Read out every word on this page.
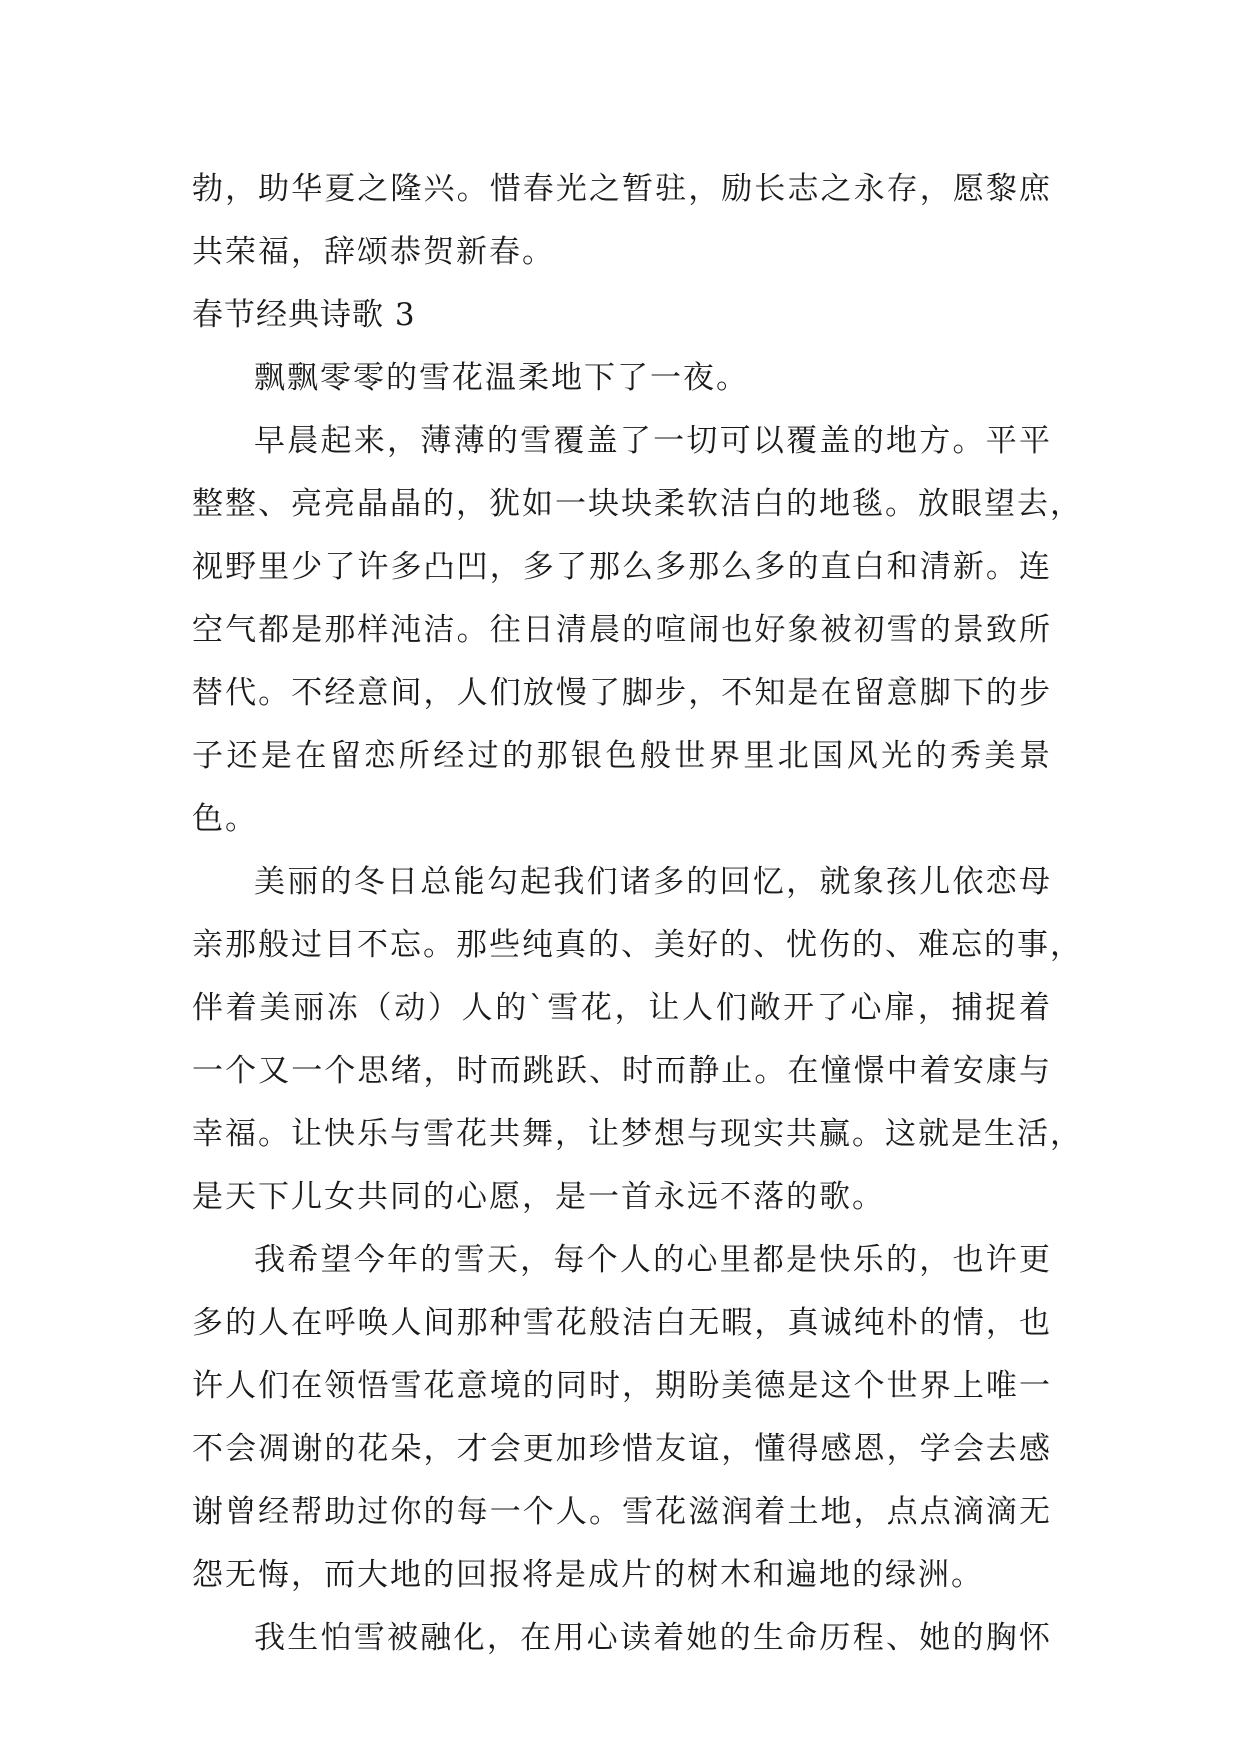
勃，助华夏之隆兴。惜春光之暂驻，励长志之永存，愿黎庶

共荣福，辞颂恭贺新春。

春节经典诗歌 3

飘飘零零的雪花温柔地下了一夜。

早晨起来，薄薄的雪覆盖了一切可以覆盖的地方。平平

整整、亮亮晶晶的，犹如一块块柔软洁白的地毯。放眼望去，

视野里少了许多凸凹，多了那么多那么多的直白和清新。连

空气都是那样沌洁。往日清晨的喧闹也好象被初雪的景致所

替代。不经意间，人们放慢了脚步，不知是在留意脚下的步

子还是在留恋所经过的那银色般世界里北国风光的秀美景

色。

美丽的冬日总能勾起我们诸多的回忆，就象孩儿依恋母

亲那般过目不忘。那些纯真的、美好的、忧伤的、难忘的事，

伴着美丽冻（动）人的`雪花，让人们敞开了心扉，捕捉着

一个又一个思绪，时而跳跃、时而静止。在憧憬中着安康与

幸福。让快乐与雪花共舞，让梦想与现实共赢。这就是生活，

是天下儿女共同的心愿，是一首永远不落的歌。

我希望今年的雪天，每个人的心里都是快乐的，也许更

多的人在呼唤人间那种雪花般洁白无暇，真诚纯朴的情，也

许人们在领悟雪花意境的同时，期盼美德是这个世界上唯一

不会凋谢的花朵，才会更加珍惜友谊，懂得感恩，学会去感

谢曾经帮助过你的每一个人。雪花滋润着土地，点点滴滴无

怨无悔，而大地的回报将是成片的树木和遍地的绿洲。

我生怕雪被融化，在用心读着她的生命历程、她的胸怀
